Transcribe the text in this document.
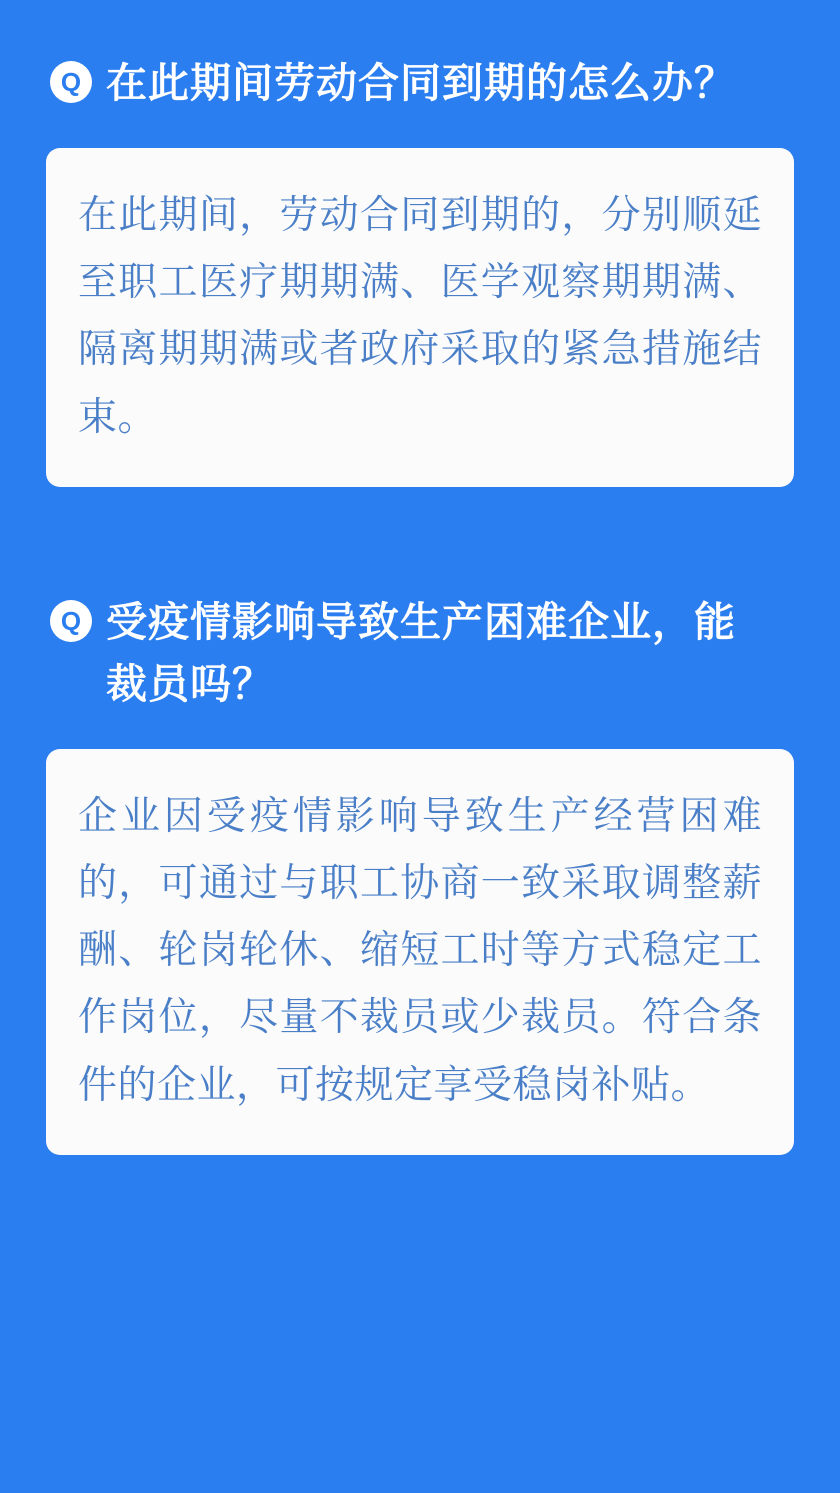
Q 在此期间劳动合同到期的怎么办？
在此期间，劳动合同到期的，分别顺延至职工医疗期期满、医学观察期期满、隔离期期满或者政府采取的紧急措施结束。
Q 受疫情影响导致生产困难企业，能裁员吗？
企业因受疫情影响导致生产经营困难的，可通过与职工协商一致采取调整薪酬、轮岗轮休、缩短工时等方式稳定工作岗位，尽量不裁员或少裁员。符合条件的企业，可按规定享受稳岗补贴。
